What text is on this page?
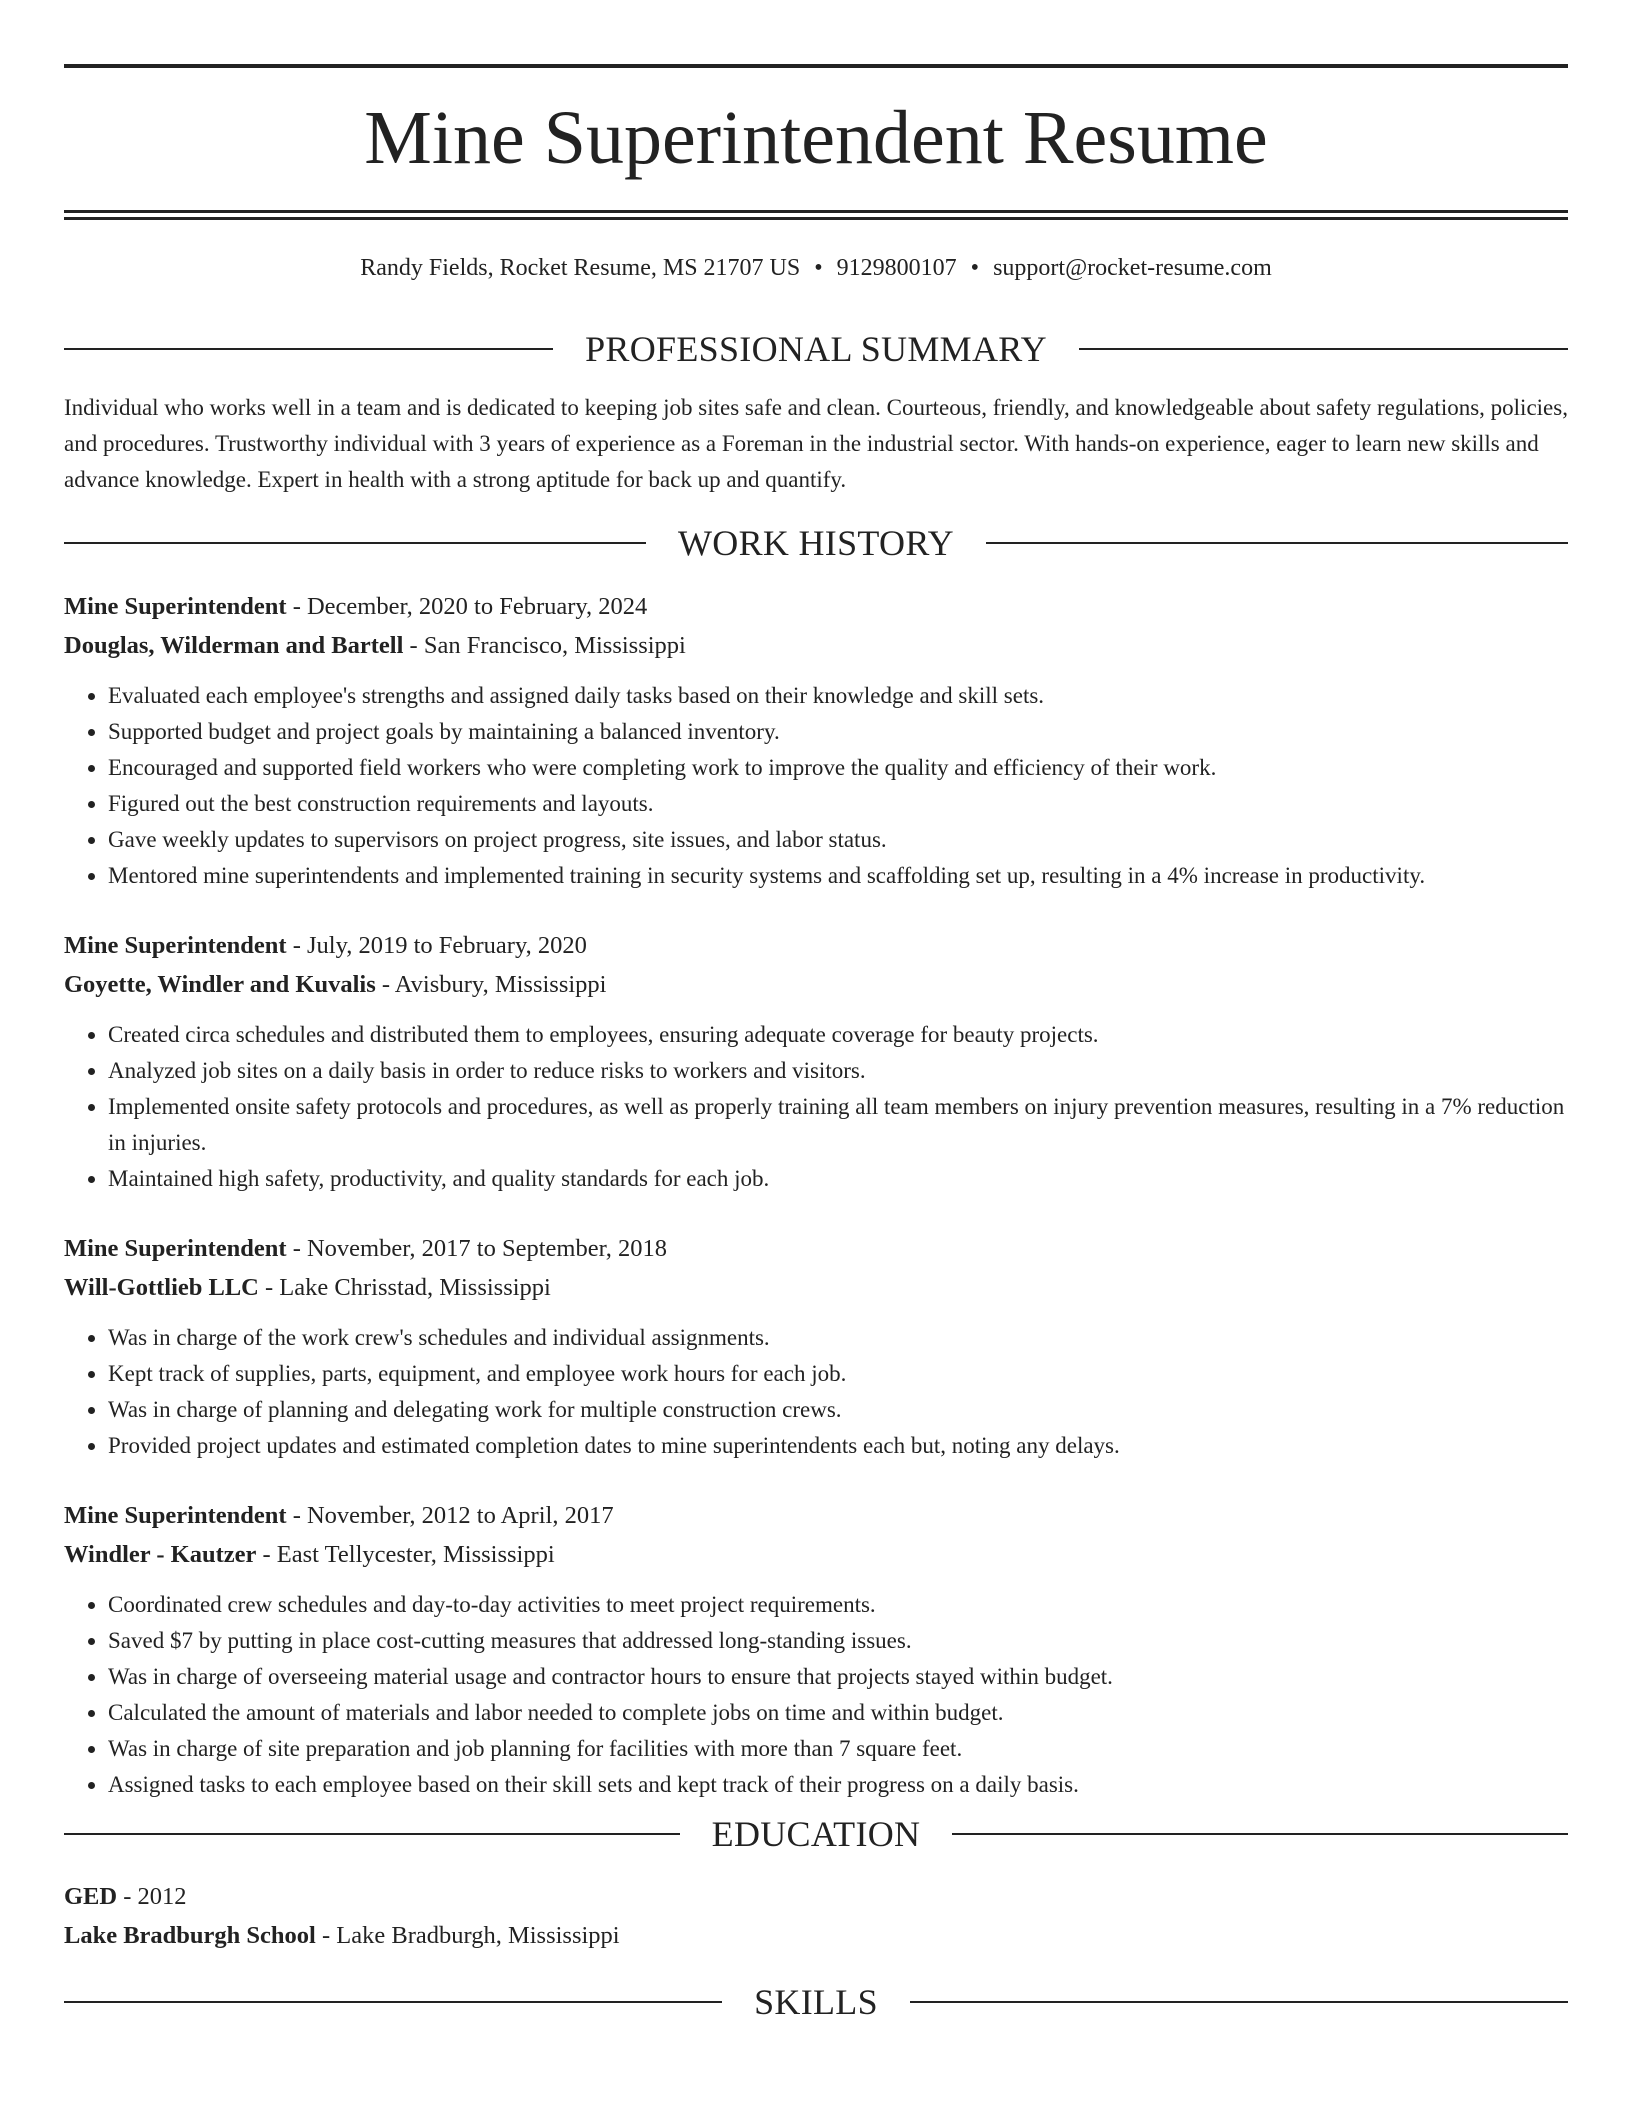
Mine Superintendent Resume
Randy Fields, Rocket Resume, MS 21707 US • 9129800107 • support@rocket-resume.com
PROFESSIONAL SUMMARY

Individual who works well in a team and is dedicated to keeping job sites safe and clean. Courteous, friendly, and knowledgeable about safety regulations, policies, and procedures. Trustworthy individual with 3 years of experience as a Foreman in the industrial sector. With hands-on experience, eager to learn new skills and advance knowledge. Expert in health with a strong aptitude for back up and quantify.

WORK HISTORY
Mine Superintendent - December, 2020 to February, 2024
Douglas, Wilderman and Bartell - San Francisco, Mississippi
• Evaluated each employee's strengths and assigned daily tasks based on their knowledge and skill sets.
• Supported budget and project goals by maintaining a balanced inventory.
• Encouraged and supported field workers who were completing work to improve the quality and efficiency of their work.
• Figured out the best construction requirements and layouts.
• Gave weekly updates to supervisors on project progress, site issues, and labor status.
• Mentored mine superintendents and implemented training in security systems and scaffolding set up, resulting in a 4% increase in productivity.
Mine Superintendent - July, 2019 to February, 2020
Goyette, Windler and Kuvalis - Avisbury, Mississippi
• Created circa schedules and distributed them to employees, ensuring adequate coverage for beauty projects.
• Analyzed job sites on a daily basis in order to reduce risks to workers and visitors.
• Implemented onsite safety protocols and procedures, as well as properly training all team members on injury prevention measures, resulting in a 7% reduction in injuries.
• Maintained high safety, productivity, and quality standards for each job.
Mine Superintendent - November, 2017 to September, 2018
Will-Gottlieb LLC - Lake Chrisstad, Mississippi
• Was in charge of the work crew's schedules and individual assignments.
• Kept track of supplies, parts, equipment, and employee work hours for each job.
• Was in charge of planning and delegating work for multiple construction crews.
• Provided project updates and estimated completion dates to mine superintendents each but, noting any delays.
Mine Superintendent - November, 2012 to April, 2017
Windler - Kautzer - East Tellycester, Mississippi
• Coordinated crew schedules and day-to-day activities to meet project requirements.
• Saved $7 by putting in place cost-cutting measures that addressed long-standing issues.
• Was in charge of overseeing material usage and contractor hours to ensure that projects stayed within budget.
• Calculated the amount of materials and labor needed to complete jobs on time and within budget.
• Was in charge of site preparation and job planning for facilities with more than 7 square feet.
• Assigned tasks to each employee based on their skill sets and kept track of their progress on a daily basis.
EDUCATION
GED - 2012
Lake Bradburgh School - Lake Bradburgh, Mississippi
SKILLS
